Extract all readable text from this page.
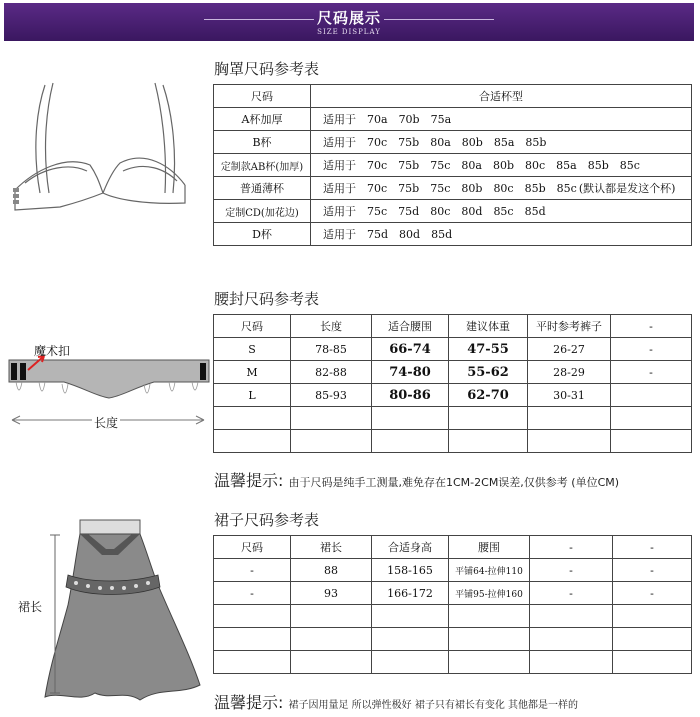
尺码展示
SIZE DISPLAY
胸罩尺码参考表
尺码	合适杯型
A杯加厚	适用于 70a 70b 75a
B杯	适用于 70c 75b 80a 80b 85a 85b
定制款AB杯(加厚)	适用于 70c 75b 75c 80a 80b 80c 85a 85b 85c
普通薄杯	适用于 70c 75b 75c 80b 80c 85b 85c (默认都是发这个杯)
定制CD(加花边)	适用于 75c 75d 80c 80d 85c 85d
D杯	适用于 75d 80d 85d
魔术扣
长度
腰封尺码参考表
尺码	长度	适合腰围	建议体重	平时参考裤子	-
S	78-85	66-74	47-55	26-27	-
M	82-88	74-80	55-62	28-29	-
L	85-93	80-86	62-70	30-31	

温馨提示: 由于尺码是纯手工测量,难免存在1CM-2CM误差,仅供参考 (单位CM)
裙长
裙子尺码参考表
尺码	裙长	合适身高	腰围	-	-
-	88	158-165	平铺64-拉伸110	-	-
-	93	166-172	平铺95-拉伸160	-	-

温馨提示: 裙子因用量足 所以弹性极好 裙子只有裙长有变化 其他都是一样的
